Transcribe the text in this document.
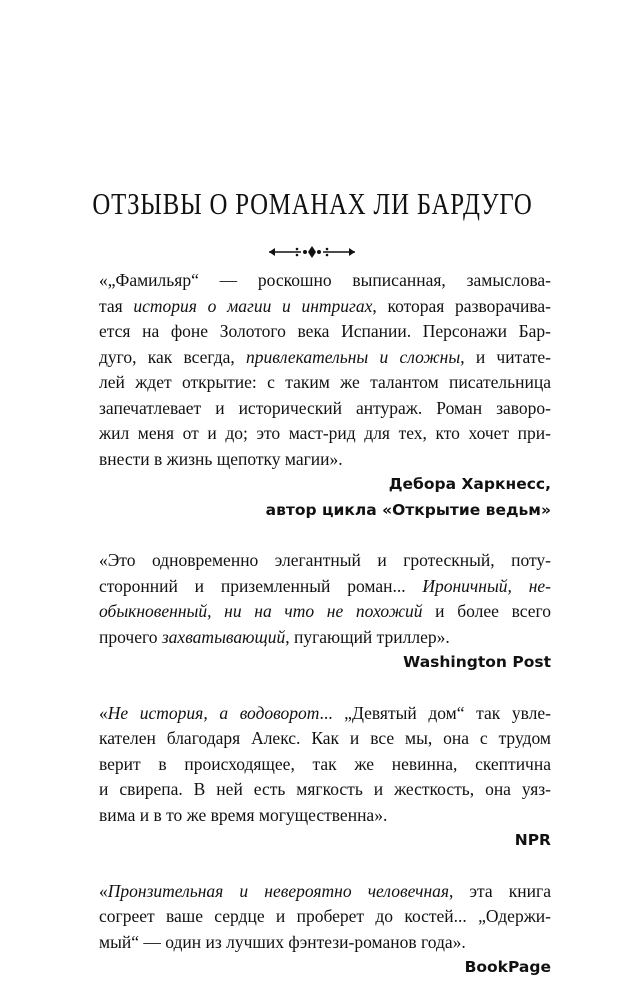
ОТЗЫВЫ О РОМАНАХ ЛИ БАРДУГО
«„Фамильяр“ — роскошно выписанная, замыслова-
тая история о магии и интригах, которая разворачива-
ется на фоне Золотого века Испании. Персонажи Бар-
дуго, как всегда, привлекательны и сложны, и читате-
лей ждет открытие: с таким же талантом писательница
запечатлевает и исторический антураж. Роман заворо-
жил меня от и до; это маст-рид для тех, кто хочет при-
внести в жизнь щепотку магии».
Дебора Харкнесс,
автор цикла «Открытие ведьм»
«Это одновременно элегантный и гротескный, поту-
сторонний и приземленный роман... Ироничный, не-
обыкновенный, ни на что не похожий и более всего
прочего захватывающий, пугающий триллер».
Washington Post
«Не история, а водоворот... „Девятый дом“ так увле-
кателен благодаря Алекс. Как и все мы, она с трудом
верит в происходящее, так же невинна, скептична
и свирепа. В ней есть мягкость и жесткость, она уяз-
вима и в то же время могущественна».
NPR
«Пронзительная и невероятно человечная, эта книга
согреет ваше сердце и проберет до костей... „Одержи-
мый“ — один из лучших фэнтези-романов года».
BookPage
